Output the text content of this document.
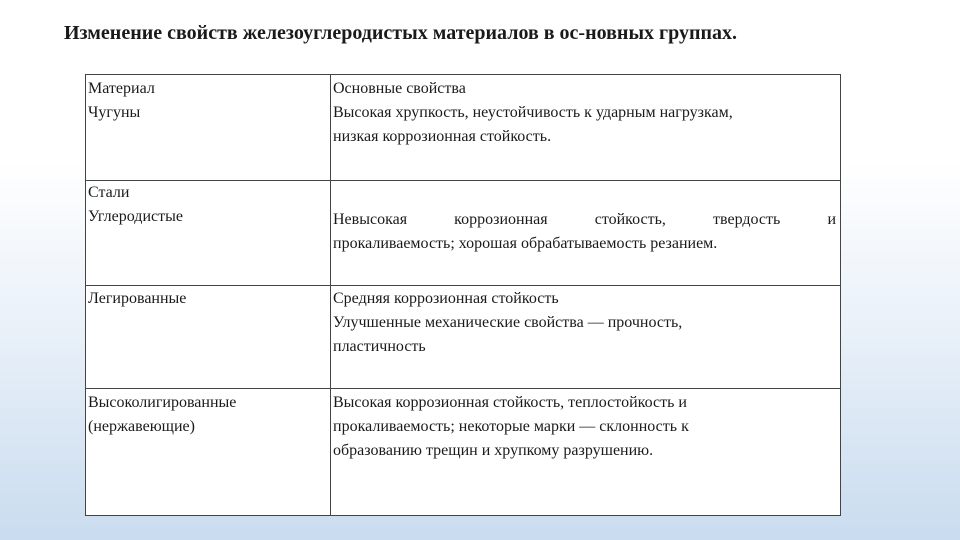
Изменение свойств железоуглеродистых материалов в ос-новных группах.
Материал
Чугуны
Основные свойства
Высокая хрупкость, неустойчивость к ударным нагрузкам,
низкая коррозионная стойкость.
Стали
Углеродистые	Невысокая коррозионная стойкость, твердость и
прокаливаемость; хорошая обрабатываемость резанием.
Легированные	Средняя коррозионная стойкость
Улучшенные механические свойства — прочность,
пластичность
Высоколигированные
(нержавеющие)
Высокая коррозионная стойкость, теплостойкость и
прокаливаемость; некоторые марки — склонность к
образованию трещин и хрупкому разрушению.
